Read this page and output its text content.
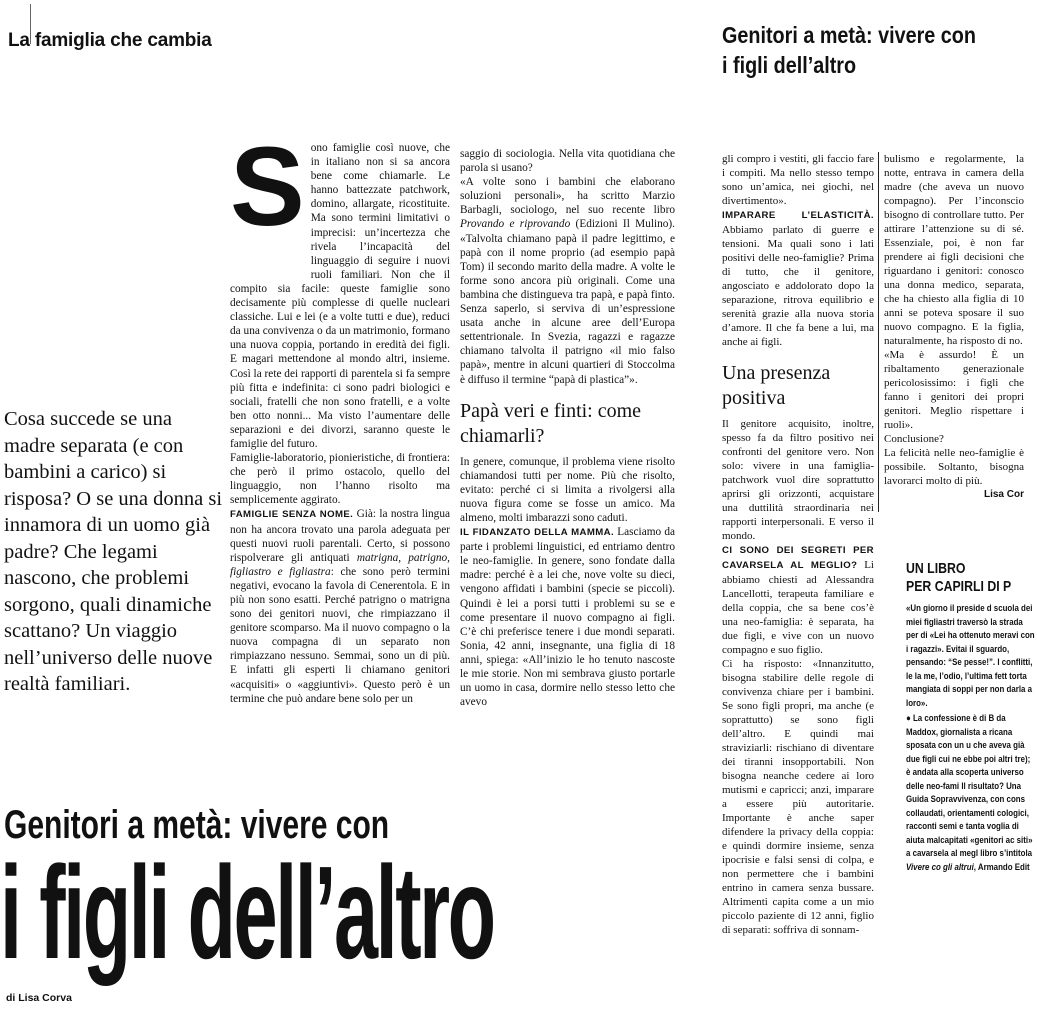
La famiglia che cambia
Cosa succede se una madre separata (e con bambini a carico) si risposa? O se una donna si innamora di un uomo già padre? Che legami nascono, che problemi sorgono, quali dinamiche scattano? Un viaggio nell’universo delle nuove realtà familiari.
S ono famiglie così nuove, che in italiano non si sa ancora bene come chiamarle. Le hanno battezzate patchwork, domino, allargate, ricostituite. Ma sono termini limitativi o imprecisi: un’incertezza che rivela l’incapacità del linguaggio di seguire i nuovi ruoli familiari. Non che il compito sia facile: queste famiglie sono decisamente più complesse di quelle nucleari classiche. Lui e lei (e a volte tutti e due), reduci da una convivenza o da un matrimonio, formano una nuova coppia, portando in eredità dei figli. E magari mettendone al mondo altri, insieme. Così la rete dei rapporti di parentela si fa sempre più fitta e indefinita: ci sono padri biologici e sociali, fratelli che non sono fratelli, e a volte ben otto nonni... Ma visto l’aumentare delle separazioni e dei divorzi, saranno queste le famiglie del futuro.

Famiglie-laboratorio, pionieristiche, di frontiera: che però il primo ostacolo, quello del linguaggio, non l’hanno risolto ma semplicemente aggirato.

FAMIGLIE SENZA NOME. Già: la nostra lingua non ha ancora trovato una parola adeguata per questi nuovi ruoli parentali. Certo, si possono rispolverare gli antiquati matrigna, patrigno, figliastro e figliastra: che sono però termini negativi, evocano la favola di Cenerentola. E in più non sono esatti. Perché patrigno o matrigna sono dei genitori nuovi, che rimpiazzano il genitore scomparso. Ma il nuovo compagno o la nuova compagna di un separato non rimpiazzano nessuno. Semmai, sono un di più. E infatti gli esperti li chiamano genitori «acquisiti» o «aggiuntivi». Questo però è un termine che può andare bene solo per un

saggio di sociologia. Nella vita quotidiana che parola si usano?

«A volte sono i bambini che elaborano soluzioni personali», ha scritto Marzio Barbagli, sociologo, nel suo recente libro Provando e riprovando (Edizioni Il Mulino). «Talvolta chiamano papà il padre legittimo, e papà con il nome proprio (ad esempio papà Tom) il secondo marito della madre. A volte le forme sono ancora più originali. Come una bambina che distingueva tra papà, e papà finto. Senza saperlo, si serviva di un’espressione usata anche in alcune aree dell’Europa settentrionale. In Svezia, ragazzi e ragazze chiamano talvolta il patrigno «il mio falso papà», mentre in alcuni quartieri di Stoccolma è diffuso il termine “papà di plastica”».

Papà veri e finti: come chiamarli?

In genere, comunque, il problema viene risolto chiamandosi tutti per nome. Più che risolto, evitato: perché ci si limita a rivolgersi alla nuova figura come se fosse un amico. Ma almeno, molti imbarazzi sono caduti.

IL FIDANZATO DELLA MAMMA. Lasciamo da parte i problemi linguistici, ed entriamo dentro le neo-famiglie. In genere, sono fondate dalla madre: perché è a lei che, nove volte su dieci, vengono affidati i bambini (specie se piccoli). Quindi è lei a porsi tutti i problemi su se e come presentare il nuovo compagno ai figli. C’è chi preferisce tenere i due mondi separati. Sonia, 42 anni, insegnante, una figlia di 18 anni, spiega: «All’inizio le ho tenuto nascoste le mie storie. Non mi sembrava giusto portarle un uomo in casa, dormire nello stesso letto che avevo

Genitori a metà: vivere con
i figli dell’altro
di Lisa Corva
Genitori a metà: vivere con i figli dell’altro

gli compro i vestiti, gli faccio fare i compiti. Ma nello stesso tempo sono un’amica, nei giochi, nel divertimento».

IMPARARE L’ELASTICITÀ. Abbiamo parlato di guerre e tensioni. Ma quali sono i lati positivi delle neo-famiglie? Prima di tutto, che il genitore, angosciato e addolorato dopo la separazione, ritrova equilibrio e serenità grazie alla nuova storia d’amore. Il che fa bene a lui, ma anche ai figli.

Una presenza positiva

Il genitore acquisito, inoltre, spesso fa da filtro positivo nei confronti del genitore vero. Non solo: vivere in una famiglia-patchwork vuol dire soprattutto aprirsi gli orizzonti, acquistare una duttilità straordinaria nei rapporti interpersonali. E verso il mondo.

CI SONO DEI SEGRETI PER CAVARSELA AL MEGLIO? Li abbiamo chiesti ad Alessandra Lancellotti, terapeuta familiare e della coppia, che sa bene cos’è una neo-famiglia: è separata, ha due figli, e vive con un nuovo compagno e suo figlio.

Ci ha risposto: «Innanzitutto, bisogna stabilire delle regole di convivenza chiare per i bambini. Se sono figli propri, ma anche (e soprattutto) se sono figli dell’altro. E quindi mai straviziarli: rischiano di diventare dei tiranni insopportabili. Non bisogna neanche cedere ai loro mutismi e capricci; anzi, imparare a essere più autoritarie. Importante è anche saper difendere la privacy della coppia: e quindi dormire insieme, senza ipocrisie e falsi sensi di colpa, e non permettere che i bambini entrino in camera senza bussare. Altrimenti capita come a un mio piccolo paziente di 12 anni, figlio di separati: soffriva di sonnam-

bulismo e regolarmente, la notte, entrava in camera della madre (che aveva un nuovo compagno). Per l’inconscio bisogno di controllare tutto. Per attirare l’attenzione su di sé. Essenziale, poi, è non far prendere ai figli decisioni che riguardano i genitori: conosco una donna medico, separata, che ha chiesto alla figlia di 10 anni se poteva sposare il suo nuovo compagno. E la figlia, naturalmente, ha risposto di no.

«Ma è assurdo! È un ribaltamento generazionale pericolosissimo: i figli che fanno i genitori dei propri genitori. Meglio rispettare i ruoli».

Conclusione?

La felicità nelle neo-famiglie è possibile. Soltanto, bisogna lavorarci molto di più.

Lisa Cor

UN LIBRO
PER CAPIRLI DI P

«Un giorno il preside d scuola dei miei figliastri traversò la strada per di «Lei ha ottenuto meravi con i ragazzi». Evitai il sguardo, pensando: “Se pesse!”. I conflitti, le la me, l’odio, l’ultima fett torta mangiata di soppi per non darla a loro».

● La confessione è di B da Maddox, giornalista a ricana sposata con un u che aveva già due figli cui ne ebbe poi altri tre); è andata alla scoperta universo delle neo-fami Il risultato? Una Guida Sopravvivenza, con cons collaudati, orientamenti cologici, racconti semi e tanta voglia di aiuta malcapitati «genitori ac siti» a cavarsela al megl libro s’intitola Vivere co gli altrui, Armando Edit
